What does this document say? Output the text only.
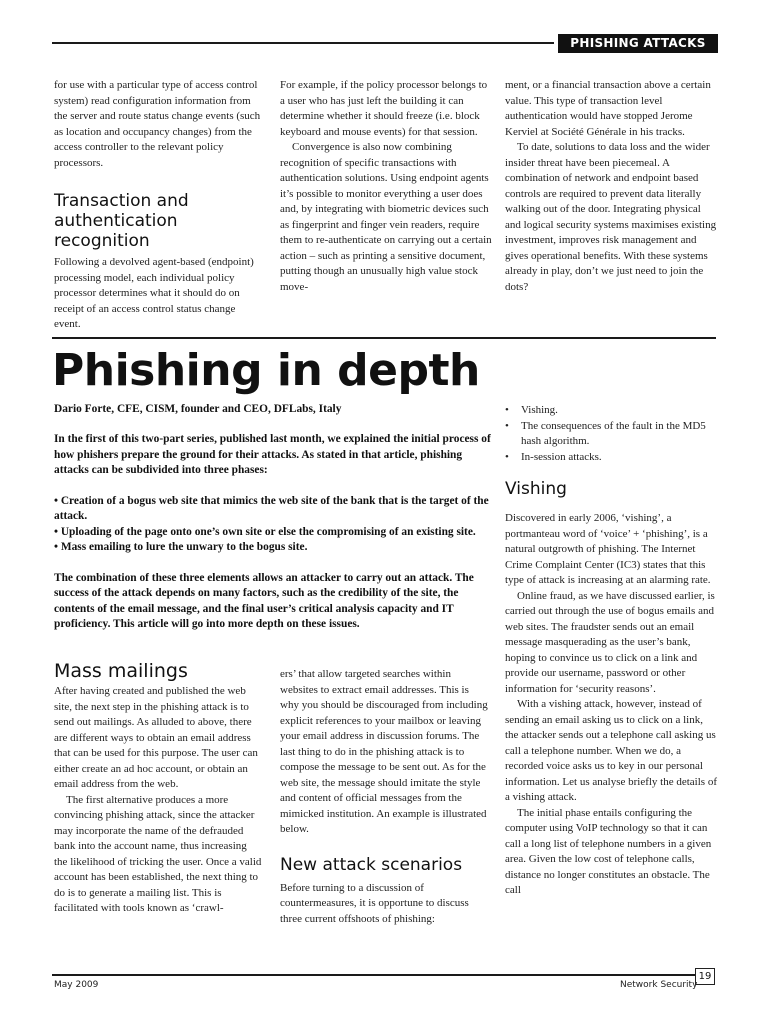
PHISHING ATTACKS

for use with a particular type of access control system) read configuration information from the server and route status change events (such as location and occupancy changes) from the access controller to the relevant policy processors.

Transaction and authentication recognition

Following a devolved agent-based (endpoint) processing model, each individual policy processor determines what it should do on receipt of an access control status change event.

For example, if the policy processor belongs to a user who has just left the building it can determine whether it should freeze (i.e. block keyboard and mouse events) for that session.

Convergence is also now combining recognition of specific transactions with authentication solutions. Using endpoint agents it’s possible to monitor everything a user does and, by integrating with biometric devices such as fingerprint and finger vein readers, require them to re-authenticate on carrying out a certain action – such as printing a sensitive document, putting though an unusually high value stock move-

ment, or a financial transaction above a certain value. This type of transaction level authentication would have stopped Jerome Kerviel at Société Générale in his tracks.

To date, solutions to data loss and the wider insider threat have been piecemeal. A combination of network and endpoint based controls are required to prevent data literally walking out of the door. Integrating physical and logical security systems maximises existing investment, improves risk management and gives operational benefits. With these systems already in play, don’t we just need to join the dots?

Phishing in depth
Dario Forte, CFE, CISM, founder and CEO, DFLabs, Italy

In the first of this two-part series, published last month, we explained the initial process of how phishers prepare the ground for their attacks. As stated in that article, phishing attacks can be subdivided into three phases:

• Creation of a bogus web site that mimics the web site of the bank that is the target of the attack.

• Uploading of the page onto one’s own site or else the compromising of an existing site.

• Mass emailing to lure the unwary to the bogus site.

The combination of these three elements allows an attacker to carry out an attack. The success of the attack depends on many factors, such as the credibility of the site, the contents of the email message, and the final user’s critical analysis capacity and IT proficiency. This article will go into more depth on these issues.

Mass mailings

After having created and published the web site, the next step in the phishing attack is to send out mailings. As alluded to above, there are different ways to obtain an email address that can be used for this purpose. The user can either create an ad hoc account, or obtain an email address from the web.

The first alternative produces a more convincing phishing attack, since the attacker may incorporate the name of the defrauded bank into the account name, thus increasing the likelihood of tricking the user. Once a valid account has been established, the next thing to do is to generate a mailing list. This is facilitated with tools known as ‘crawl-

ers’ that allow targeted searches within websites to extract email addresses. This is why you should be discouraged from including explicit references to your mailbox or leaving your email address in discussion forums. The last thing to do in the phishing attack is to compose the message to be sent out. As for the web site, the message should imitate the style and content of official messages from the mimicked institution. An example is illustrated below.

New attack scenarios

Before turning to a discussion of countermeasures, it is opportune to discuss three current offshoots of phishing:

• Vishing.
• The consequences of the fault in the MD5 hash algorithm.
• In-session attacks.
Vishing

Discovered in early 2006, ‘vishing’, a portmanteau word of ‘voice’ + ‘phishing’, is a natural outgrowth of phishing. The Internet Crime Complaint Center (IC3) states that this type of attack is increasing at an alarming rate.

Online fraud, as we have discussed earlier, is carried out through the use of bogus emails and web sites. The fraudster sends out an email message masquerading as the user’s bank, hoping to convince us to click on a link and provide our username, password or other information for ‘security reasons’.

With a vishing attack, however, instead of sending an email asking us to click on a link, the attacker sends out a telephone call asking us call a telephone number. When we do, a recorded voice asks us to key in our personal information. Let us analyse briefly the details of a vishing attack.

The initial phase entails configuring the computer using VoIP technology so that it can call a long list of telephone numbers in a given area. Given the low cost of telephone calls, distance no longer constitutes an obstacle. The call

May 2009	Network Security
19
